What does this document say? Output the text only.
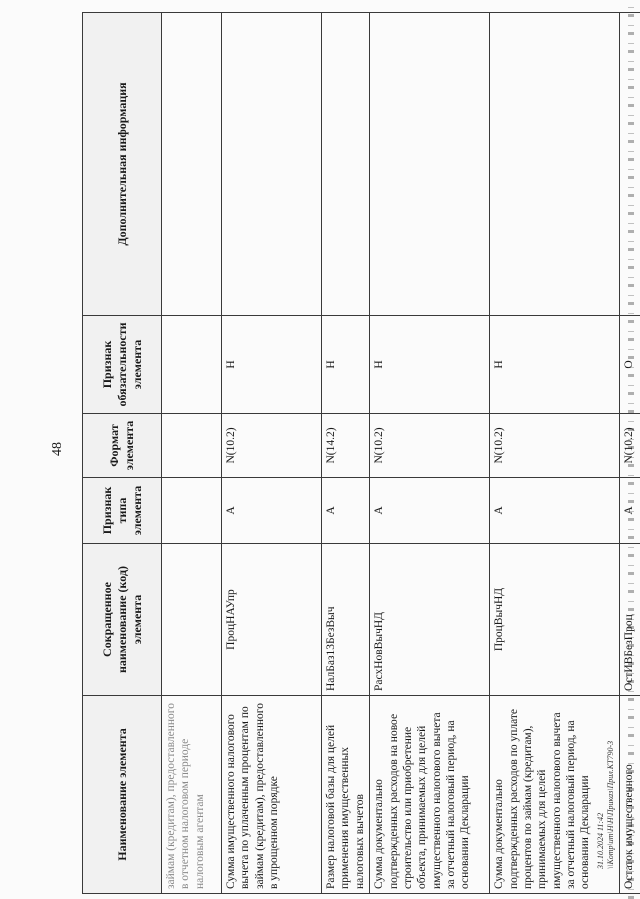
48
Наименование элемента	Сокращенное наименование (код) элемента	Признак типа элемента	Формат элемента	Признак обязательности элемента	Дополнительная информация
займам (кредитам), предоставленного в отчетном налоговом периоде налоговым агентам					
Сумма имущественного налогового вычета по уплаченным процентам по займам (кредитам), предоставленного в упрощенном порядке	ПроцНАУпр	А	N(10.2)	Н	
Размер налоговой базы для целей применения имущественных налоговых вычетов	НалБаз13БезВыч	А	N(14.2)	Н	
Сумма документально подтвержденных расходов на новое строительство или приобретение объекта, принимаемых для целей имущественного налогового вычета за отчетный налоговый период, на основании Декларации	РасхНовВычНД	А	N(10.2)	Н	
Сумма документально подтвержденных расходов по уплате процентов по займам (кредитам), принимаемых для целей имущественного налогового вычета за отчетный налоговый период, на основании Декларации	ПроцВычНД	А	N(10.2)	Н	
Остаток имущественного	ОстИВБезПроц	А	N(10.2)	О	
31.10.2024 11:42 \\Komp\um\Н\Н\Приказ\Прил.КТ790-3
